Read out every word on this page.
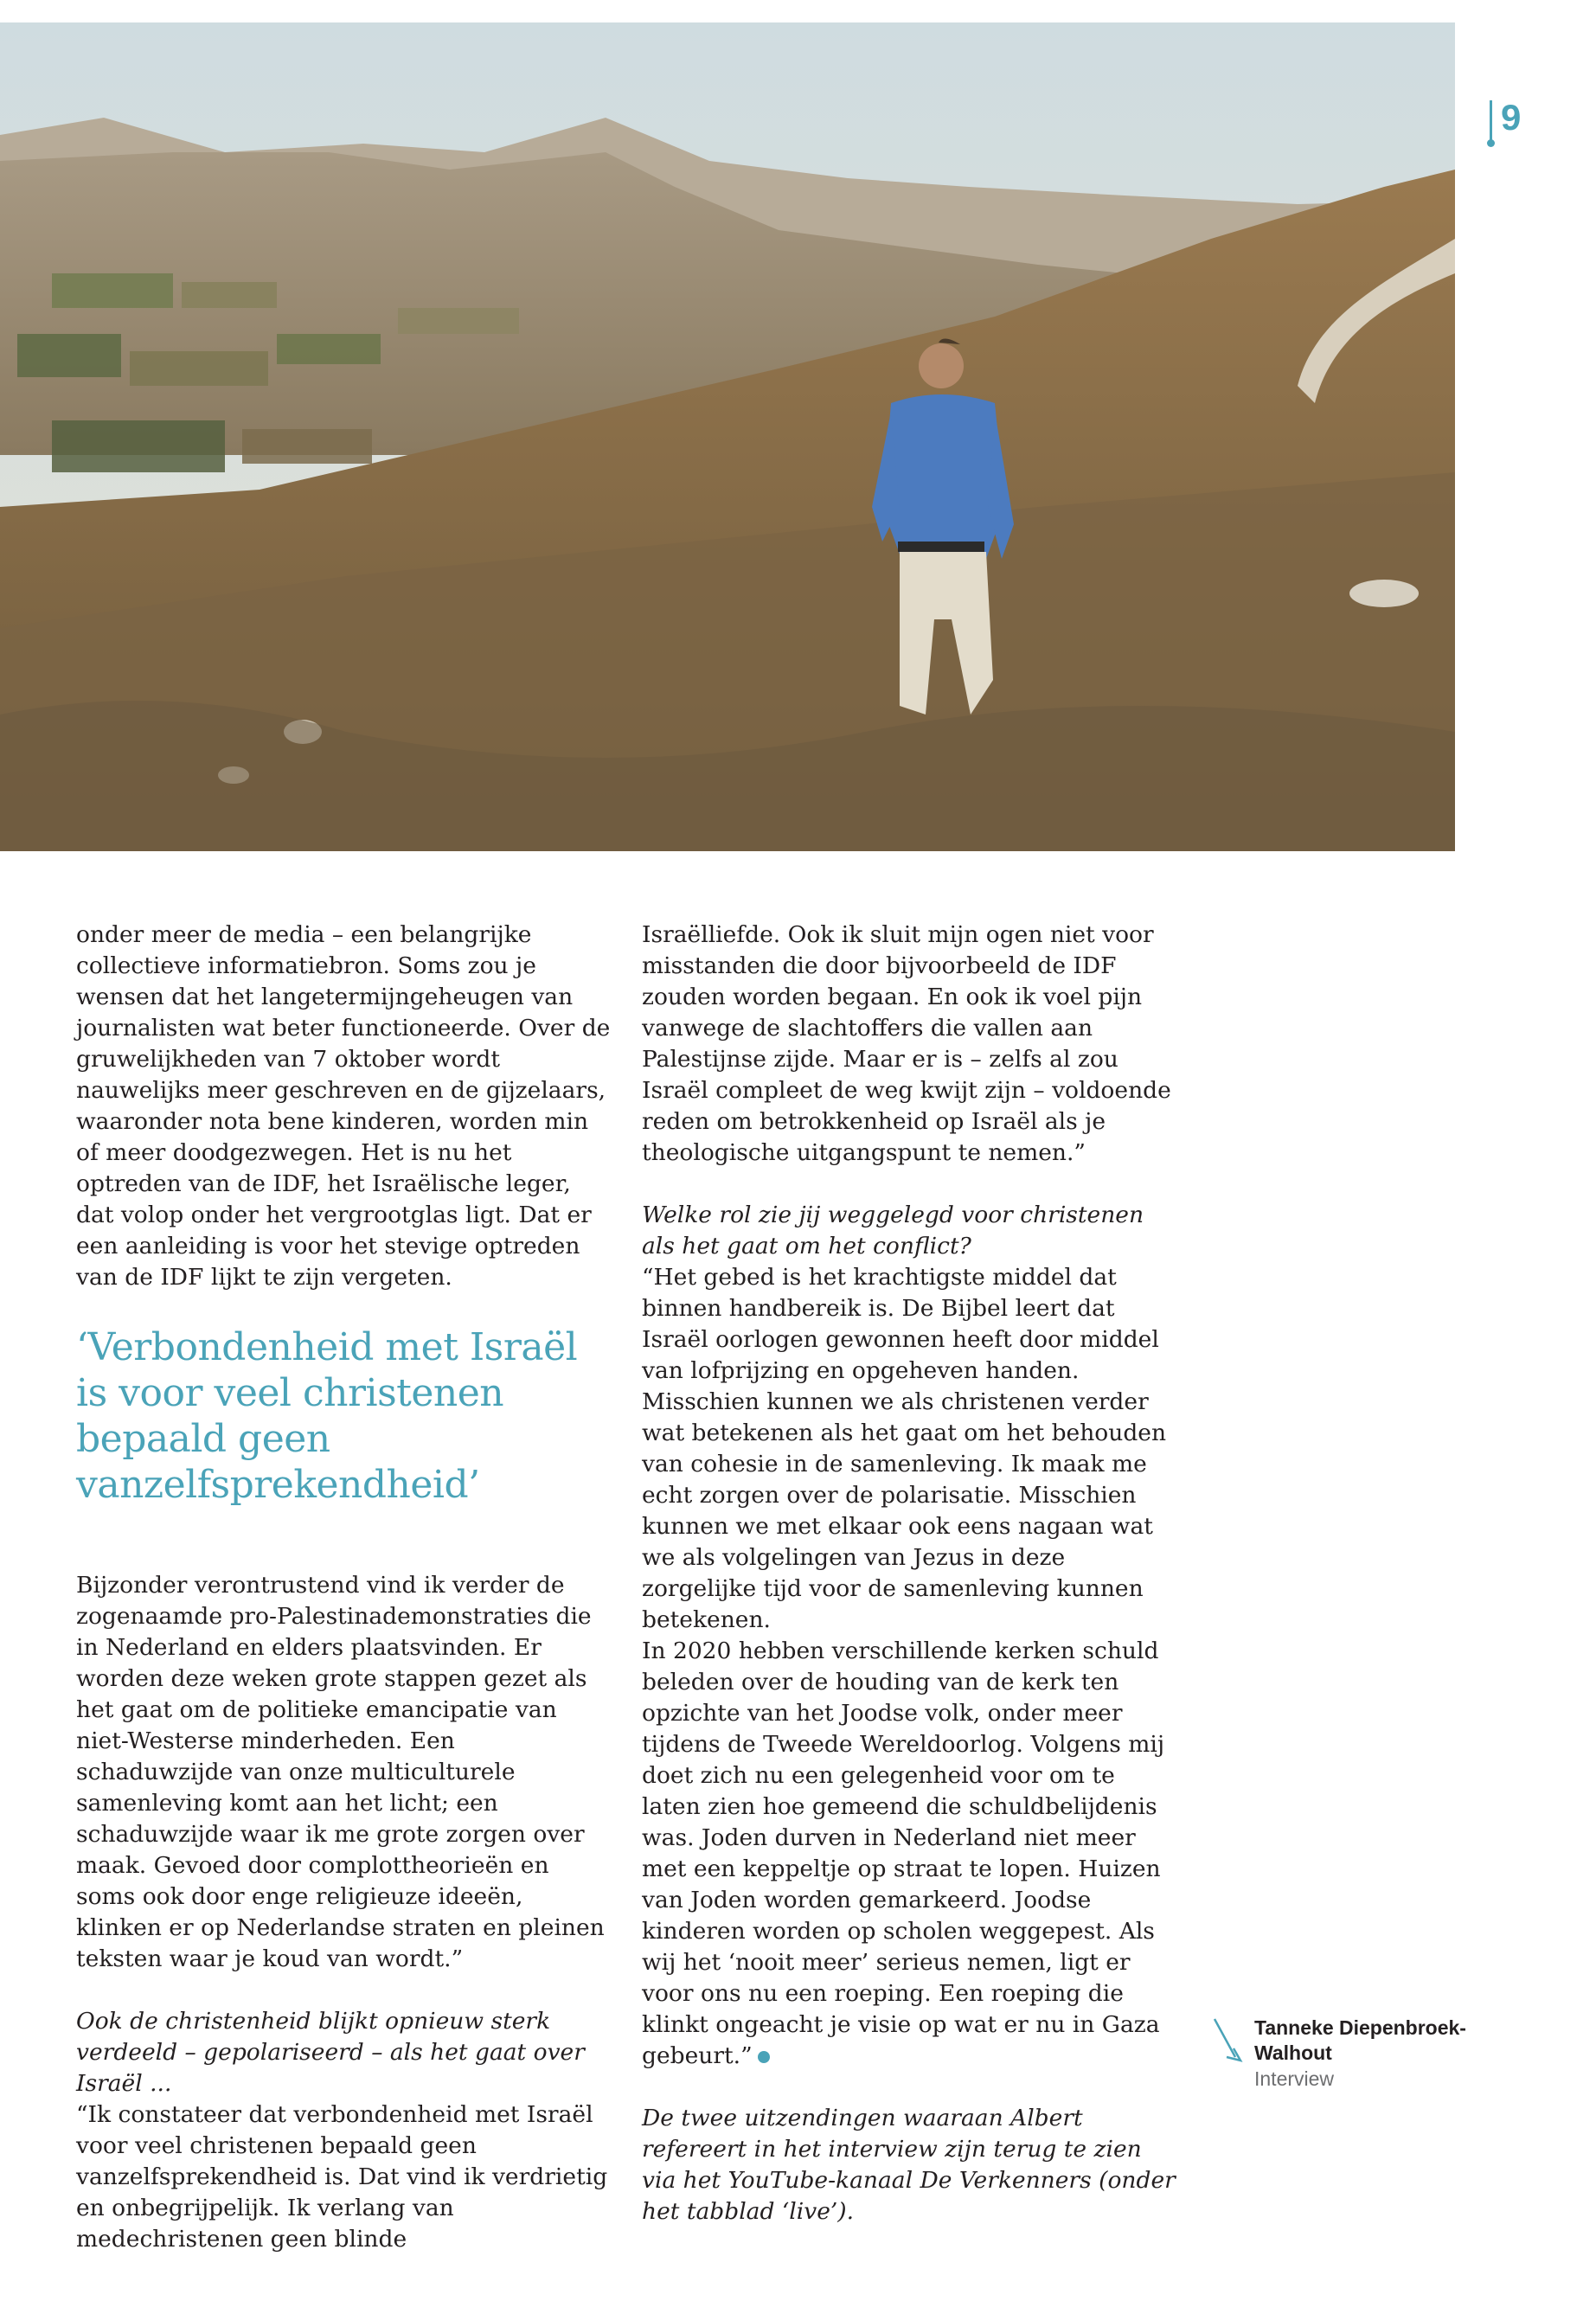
9

onder meer de media – een belangrijke collectieve informatiebron. Soms zou je wensen dat het langetermijngeheugen van journalisten wat beter functioneerde. Over de gruwelijkheden van 7 oktober wordt nauwelijks meer geschreven en de gijzelaars, waaronder nota bene kinderen, worden min of meer doodgezwegen. Het is nu het optreden van de IDF, het Israëlische leger, dat volop onder het vergrootglas ligt. Dat er een aanleiding is voor het stevige optreden van de IDF lijkt te zijn vergeten.

‘Verbondenheid met Israël is voor veel christenen bepaald geen vanzelfsprekendheid’

Bijzonder verontrustend vind ik verder de zogenaamde pro-Palestinademonstraties die in Nederland en elders plaatsvinden. Er worden deze weken grote stappen gezet als het gaat om de politieke emancipatie van niet-Westerse minderheden. Een schaduwzijde van onze multiculturele samenleving komt aan het licht; een schaduwzijde waar ik me grote zorgen over maak. Gevoed door complottheorieën en soms ook door enge religieuze ideeën, klinken er op Nederlandse straten en pleinen teksten waar je koud van wordt.”

Ook de christenheid blijkt opnieuw sterk verdeeld – gepolariseerd – als het gaat over Israël ...

“Ik constateer dat verbondenheid met Israël voor veel christenen bepaald geen vanzelfsprekendheid is. Dat vind ik verdrietig en onbegrijpelijk. Ik verlang van medechristenen geen blinde

Israëlliefde. Ook ik sluit mijn ogen niet voor misstanden die door bijvoorbeeld de IDF zouden worden begaan. En ook ik voel pijn vanwege de slachtoffers die vallen aan Palestijnse zijde. Maar er is – zelfs al zou Israël compleet de weg kwijt zijn – voldoende reden om betrokkenheid op Israël als je theologische uitgangspunt te nemen.”

Welke rol zie jij weggelegd voor christenen als het gaat om het conflict?

“Het gebed is het krachtigste middel dat binnen handbereik is. De Bijbel leert dat Israël oorlogen gewonnen heeft door middel van lofprijzing en opgeheven handen.

Misschien kunnen we als christenen verder wat betekenen als het gaat om het behouden van cohesie in de samenleving. Ik maak me echt zorgen over de polarisatie. Misschien kunnen we met elkaar ook eens nagaan wat we als volgelingen van Jezus in deze zorgelijke tijd voor de samenleving kunnen betekenen.

In 2020 hebben verschillende kerken schuld beleden over de houding van de kerk ten opzichte van het Joodse volk, onder meer tijdens de Tweede Wereldoorlog. Volgens mij doet zich nu een gelegenheid voor om te laten zien hoe gemeend die schuldbelijdenis was. Joden durven in Nederland niet meer met een keppeltje op straat te lopen. Huizen van Joden worden gemarkeerd. Joodse kinderen worden op scholen weggepest. Als wij het ‘nooit meer’ serieus nemen, ligt er voor ons nu een roeping. Een roeping die klinkt ongeacht je visie op wat er nu in Gaza gebeurt.”

De twee uitzendingen waaraan Albert refereert in het interview zijn terug te zien via het YouTube-kanaal De Verkenners (onder het tabblad ‘live’).

Tanneke Diepenbroek-Walhout
Interview
